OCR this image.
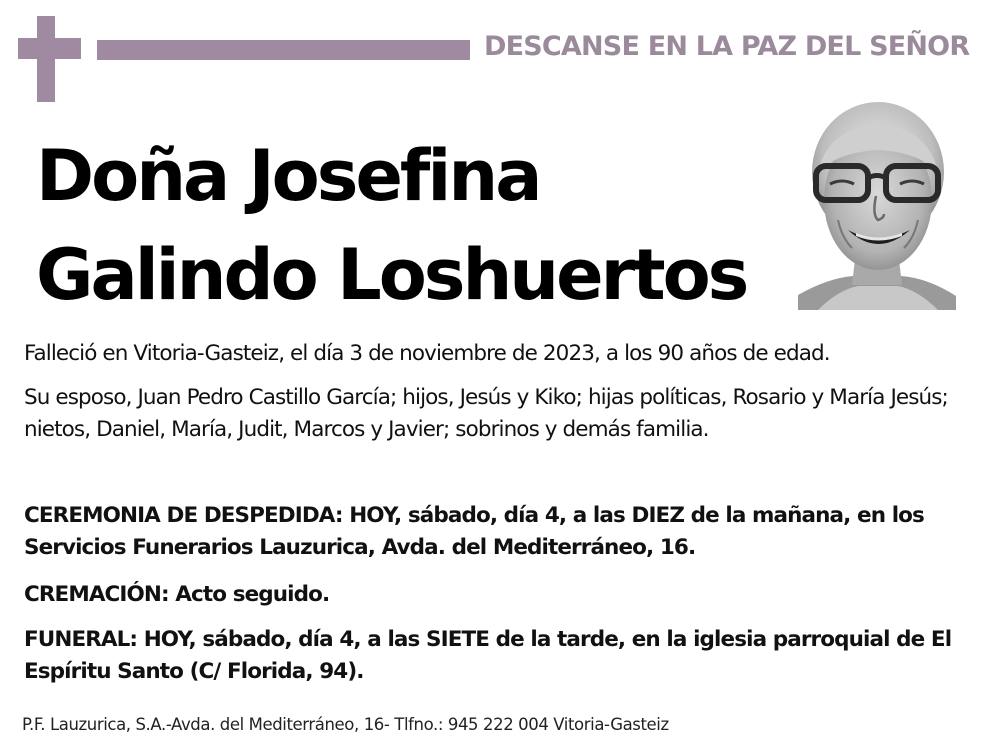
DESCANSE EN LA PAZ DEL SEÑOR
Doña Josefina
Galindo Loshuertos
Falleció en Vitoria-Gasteiz, el día 3 de noviembre de 2023, a los 90 años de edad.
Su esposo, Juan Pedro Castillo García; hijos, Jesús y Kiko; hijas políticas, Rosario y María Jesús; nietos, Daniel, María, Judit, Marcos y Javier; sobrinos y demás familia.
CEREMONIA DE DESPEDIDA: HOY, sábado, día 4, a las DIEZ de la mañana, en los Servicios Funerarios Lauzurica, Avda. del Mediterráneo, 16.
CREMACIÓN: Acto seguido.
FUNERAL: HOY, sábado, día 4, a las SIETE de la tarde, en la iglesia parroquial de El Espíritu Santo (C/ Florida, 94).
P.F. Lauzurica, S.A.-Avda. del Mediterráneo, 16- Tlfno.: 945 222 004 Vitoria-Gasteiz
